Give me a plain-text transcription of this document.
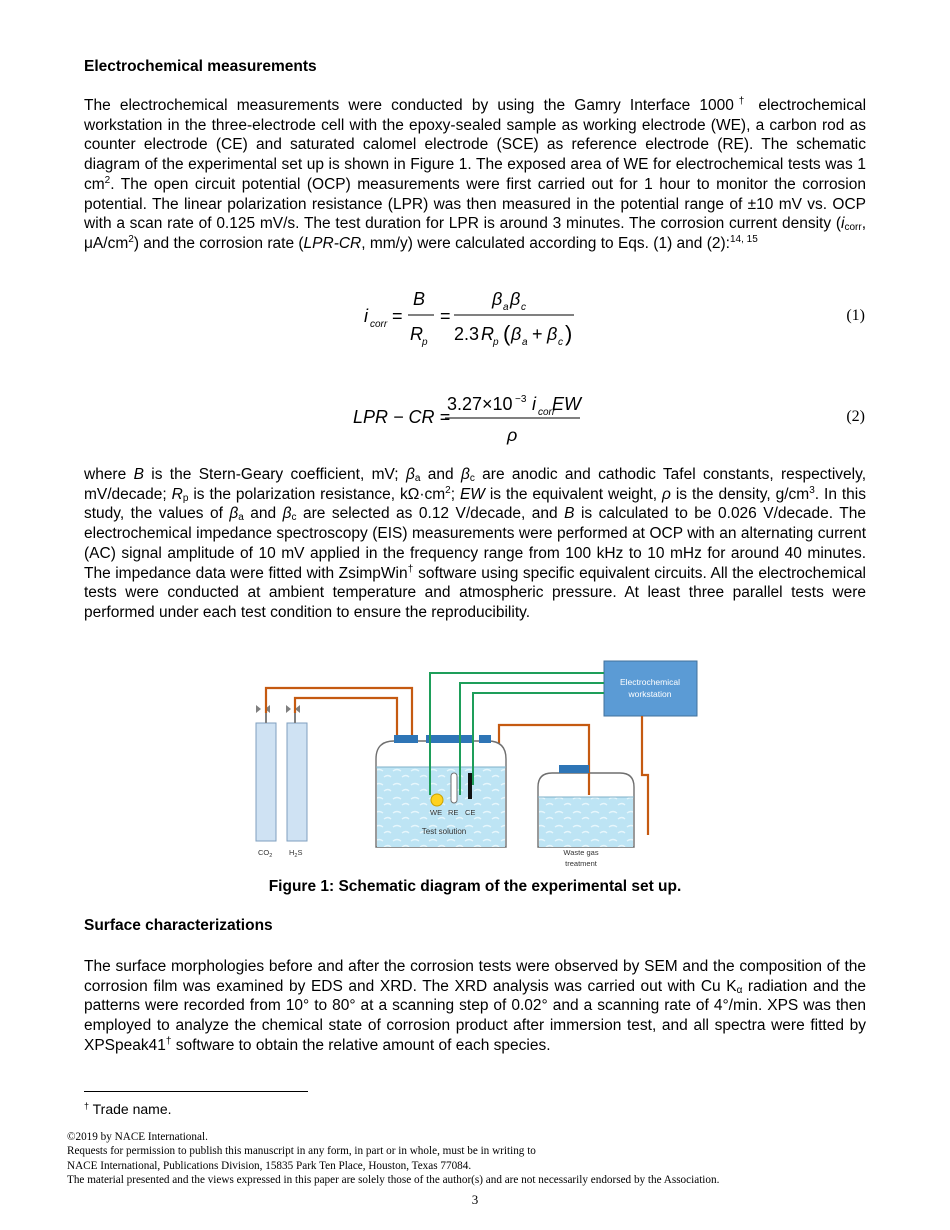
Electrochemical measurements
The electrochemical measurements were conducted by using the Gamry Interface 1000† electrochemical workstation in the three-electrode cell with the epoxy-sealed sample as working electrode (WE), a carbon rod as counter electrode (CE) and saturated calomel electrode (SCE) as reference electrode (RE). The schematic diagram of the experimental set up is shown in Figure 1. The exposed area of WE for electrochemical tests was 1 $cm^2$. The open circuit potential (OCP) measurements were first carried out for 1 hour to monitor the corrosion potential. The linear polarization resistance (LPR) was then measured in the potential range of ±10 mV vs. OCP with a scan rate of 0.125 mV/s. The test duration for LPR is around 3 minutes. The corrosion current density ($i_{corr}$, $\mu A/cm^2$) and the corrosion rate (LPR-CR, mm/y) were calculated according to Eqs. (1) and (2):$^{14, 15}$
i corr =
B
R p
=
β a β c
2.3 R p ( β a + β c )
(1)
LPR − CR =
3.27×10 −3 i corr
EW
ρ
(2)
where B is the Stern-Geary coefficient, mV; $\beta_a$ and $\beta_c$ are anodic and cathodic Tafel constants, respectively, mV/decade; $R_p$ is the polarization resistance, $k\Omega\cdot cm^2$; EW is the equivalent weight, ρ is the density, $g/cm^3$. In this study, the values of $\beta_a$ and $\beta_c$ are selected as 0.12 V/decade, and B is calculated to be 0.026 V/decade. The electrochemical impedance spectroscopy (EIS) measurements were performed at OCP with an alternating current (AC) signal amplitude of 10 mV applied in the frequency range from 100 kHz to 10 mHz for around 40 minutes. The impedance data were fitted with ZsimpWin† software using specific equivalent circuits. All the electrochemical tests were conducted at ambient temperature and atmospheric pressure. At least three parallel tests were performed under each test condition to ensure the reproducibility.
Electrochemical
workstation
$CO_2$ $H_2S$
WE RE CE
Test solution
Waste gas
treatment
Figure 1: Schematic diagram of the experimental set up.
Surface characterizations
The surface morphologies before and after the corrosion tests were observed by SEM and the composition of the corrosion film was examined by EDS and XRD. The XRD analysis was carried out with Cu $K_\alpha$ radiation and the patterns were recorded from 10° to 80° at a scanning step of 0.02° and a scanning rate of 4°/min. XPS was then employed to analyze the chemical state of corrosion product after immersion test, and all spectra were fitted by XPSpeak41† software to obtain the relative amount of each species.
† Trade name.
©2019 by NACE International.
Requests for permission to publish this manuscript in any form, in part or in whole, must be in writing to
NACE International, Publications Division, 15835 Park Ten Place, Houston, Texas 77084.
The material presented and the views expressed in this paper are solely those of the author(s) and are not necessarily endorsed by the Association.
3
